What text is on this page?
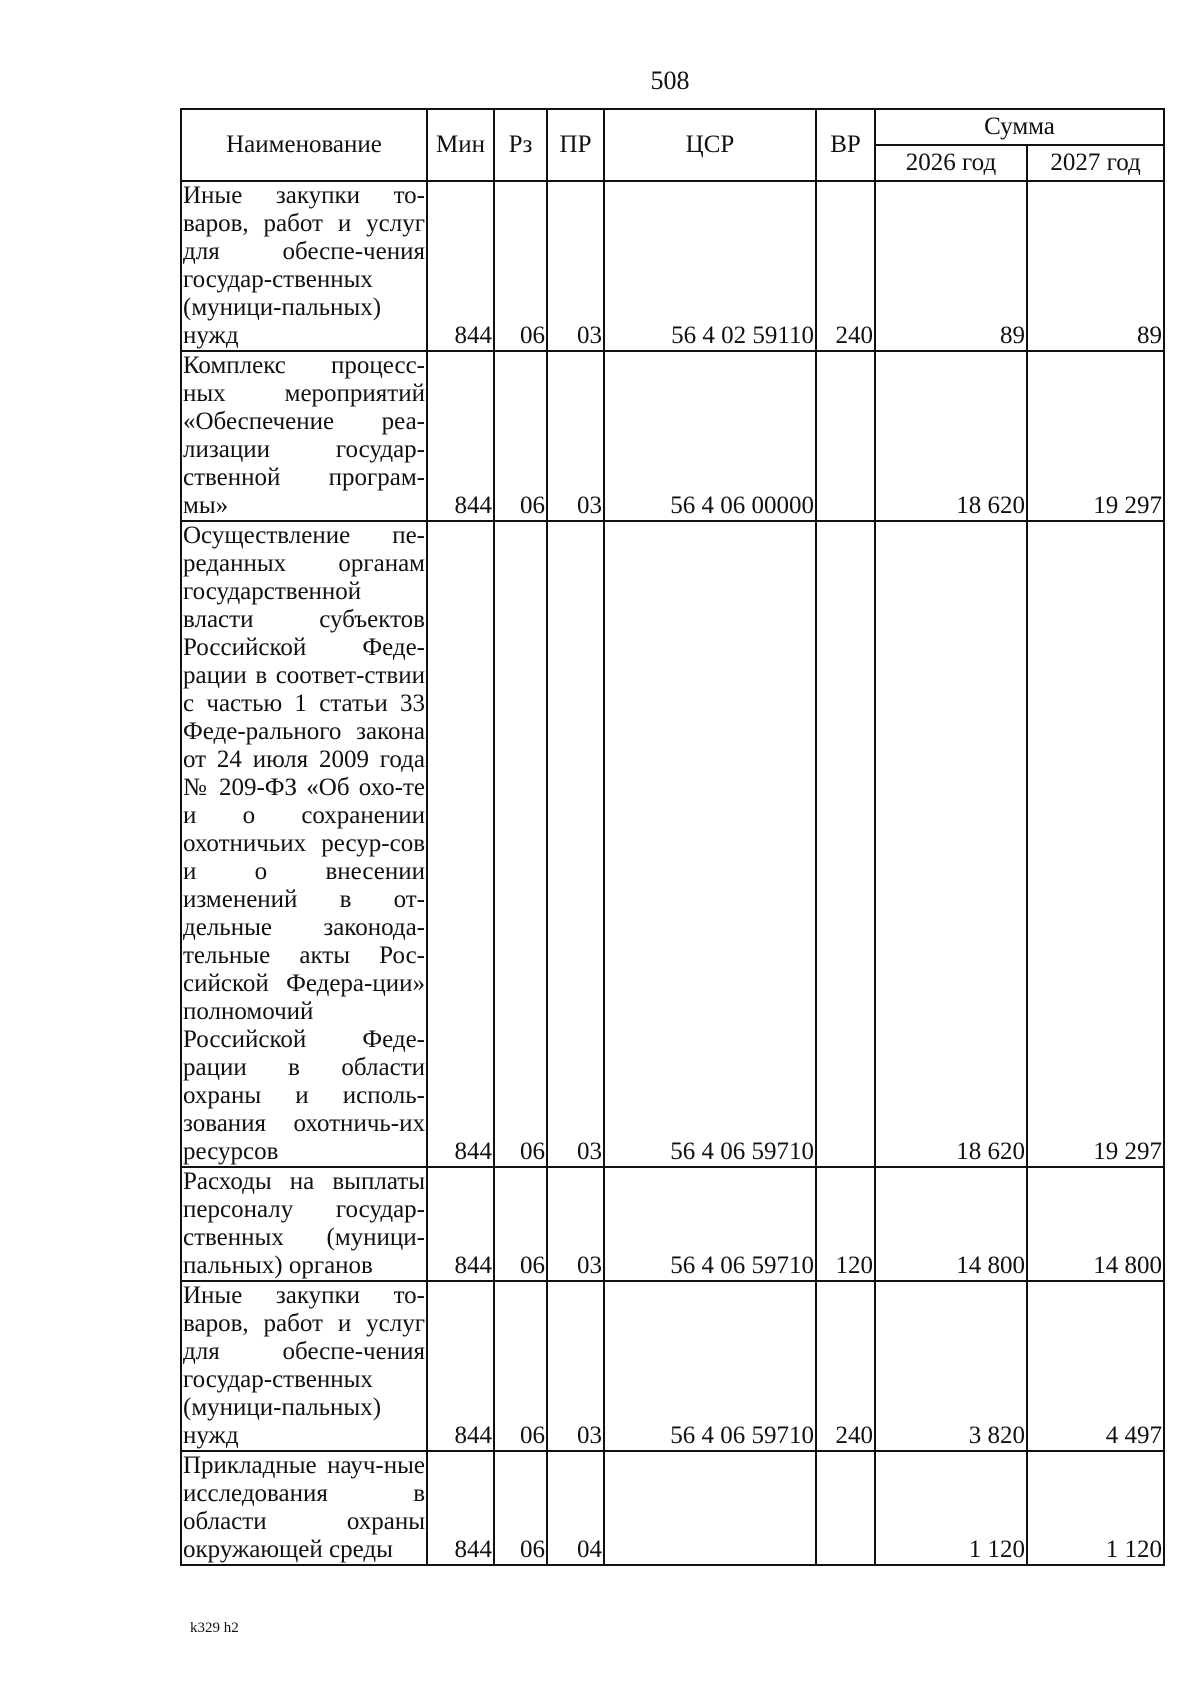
508
Наименование	Мин	Рз	ПР	ЦСР	ВР	Сумма	
						2026 год	2027 год
Иные закупки то-варов, работ и услуг для обеспе-чения государ-ственных (муници-пальных) нужд	844	06	03	56 4 02 59110	240	89	89
Комплекс процесс-ных мероприятий «Обеспечение реа-лизации государ-ственной програм-мы»	844	06	03	56 4 06 00000		18 620	19 297
Осуществление пе-реданных органам государственной власти субъектов Российской Феде-рации в соответ-ствии с частью 1 статьи 33 Феде-рального закона от 24 июля 2009 года № 209-ФЗ «Об охо-те и о сохранении охотничьих ресур-сов и о внесении изменений в от-дельные законода-тельные акты Рос-сийской Федера-ции» полномочий Российской Феде-рации в области охраны и исполь-зования охотничь-их ресурсов	844	06	03	56 4 06 59710		18 620	19 297
Расходы на выплаты персоналу государ-ственных (муници-пальных) органов	844	06	03	56 4 06 59710	120	14 800	14 800
Иные закупки то-варов, работ и услуг для обеспе-чения государ-ственных (муници-пальных) нужд	844	06	03	56 4 06 59710	240	3 820	4 497
Прикладные науч-ные исследования в области охраны окружающей среды	844	06	04			1 120	1 120
k329 h2
